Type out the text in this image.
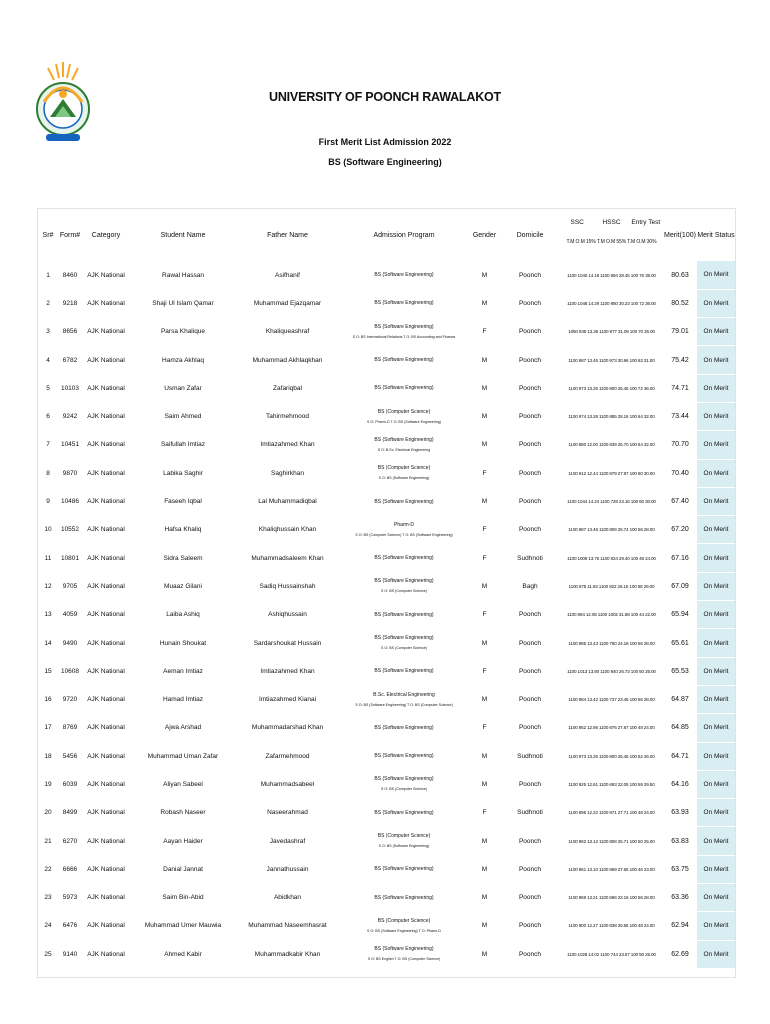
UNIVERSITY OF POONCH RAWALAKOT
First Merit List Admission 2022
BS (Software Engineering)
Sr#	Form#	Category	Student Name	Father Name	Admission Program	Gender	Domicile	SSC HSSC Entry Test
T.M O.M 15% T.M O.M 55% T.M O.M 30%	Merit(100)	Merit Status
1	8460	AJK National	Rawal Hassan	Asifhanif	BS (Software Engineering)	M	Poonch	1100 1040 14.18 1100 894 28.45 100 76 38.00	80.63	On Merit
2	9218	AJK National	Shaji Ul Islam Qamar	Muhammad Ejazqamar	BS (Software Engineering)	M	Poonch	1100 1048 14.29 1100 950 30.23 100 72 36.00	80.52	On Merit
3	8656	AJK National	Parsa Khalique	Khaliqueashraf	BS (Software Engineering)
S O: BS International Relations T O: BS Accounting and Finance	F	Poonch	1050 935 13.36 1100 977 31.09 100 70 35.00	79.01	On Merit
4	6782	AJK National	Hamza Akhlaq	Muhammad Akhlaqkhan	BS (Software Engineering)	M	Poonch	1100 987 13.46 1100 973 30.96 100 62 31.00	75.42	On Merit
5	10103	AJK National	Usman Zafar	Zafariqbal	BS (Software Engineering)	M	Poonch	1100 973 13.25 1100 800 25.45 100 72 36.00	74.71	On Merit
6	9242	AJK National	Saim Ahmed	Tahirmehmood	BS (Computer Science)
S O: Pharm-D T O: BS (Software Engineering)	M	Poonch	1100 974 13.28 1100 885 28.16 100 64 32.00	73.44	On Merit
7	10451	AJK National	Saifullah Imtiaz	Imtiazahmed Khan	BS (Software Engineering)
S O: B.Sc. Electrical Engineering	M	Poonch	1100 880 12.00 1100 839 26.70 100 64 32.00	70.70	On Merit
8	9870	AJK National	Labika Saghir	Saghirkhan	BS (Computer Science)
S O: BS (Software Engineering)	F	Poonch	1100 912 12.44 1100 879 27.97 100 60 30.00	70.40	On Merit
9	10486	AJK National	Faseeh Iqbal	Lal Muhammadiqbal	BS (Software Engineering)	M	Poonch	1100 1044 14.24 1100 728 23.16 100 60 30.00	67.40	On Merit
10	10552	AJK National	Hafsa Khaliq	Khaliqhussain Khan	Pharm-D
S O: BS (Computer Science) T O: BS (Software Engineering)	F	Poonch	1100 987 13.46 1100 809 25.74 100 56 28.00	67.20	On Merit
11	10801	AJK National	Sidra Saleem	Muhammadsaleem Khan	BS (Software Engineering)	F	Sudhnoti	1100 1009 13.76 1100 924 29.40 100 48 24.00	67.16	On Merit
12	9705	AJK National	Muaaz Gilani	Sadiq Hussainshah	BS (Software Engineering)
S O: BS (Computer Science)	M	Bagh	1100 875 11.93 1100 822 26.15 100 58 29.00	67.09	On Merit
13	4059	AJK National	Laiba Ashiq	Ashiqhussain	BS (Software Engineering)	F	Poonch	1100 884 12.05 1100 1002 31.88 100 44 22.00	65.94	On Merit
14	9490	AJK National	Hunain Shoukat	Sardarshoukat Hussain	BS (Software Engineering)
S O: BS (Computer Science)	M	Poonch	1100 985 13.43 1100 760 24.18 100 56 28.00	65.61	On Merit
15	10608	AJK National	Aeman Imtiaz	Imtiazahmed Khan	BS (Software Engineering)	F	Poonch	1100 1013 13.80 1100 840 26.73 100 50 25.00	65.53	On Merit
16	9720	AJK National	Hamad Imtiaz	Imtiazahmed Kianai	B.Sc. Electrical Engineering
S O: BS (Software Engineering) T O: BS (Computer Science)	M	Poonch	1100 984 13.42 1100 737 23.45 100 56 28.00	64.87	On Merit
17	8769	AJK National	Ajwa Arshad	Muhammadarshad Khan	BS (Software Engineering)	F	Poonch	1100 952 12.98 1100 876 27.87 100 48 24.00	64.85	On Merit
18	5456	AJK National	Muhammad Uman Zafar	Zafarmehmood	BS (Software Engineering)	M	Sudhnoti	1100 973 13.25 1100 800 25.45 100 52 26.00	64.71	On Merit
19	6039	AJK National	Aliyan Sabeel	Muhammadsabeel	BS (Software Engineering)
S O: BS (Computer Science)	M	Poonch	1100 925 12.61 1100 693 22.05 100 59 29.50	64.16	On Merit
20	8499	AJK National	Robash Naseer	Naseerahmad	BS (Software Engineering)	F	Sudhnoti	1100 896 12.22 1100 871 27.71 100 48 24.00	63.93	On Merit
21	6270	AJK National	Aayan Haider	Javedashraf	BS (Computer Science)
S O: BS (Software Engineering)	M	Poonch	1100 962 13.12 1100 808 25.71 100 50 25.00	63.83	On Merit
22	6666	AJK National	Danial Jannat	Jannathussain	BS (Software Engineering)	M	Poonch	1100 961 13.10 1100 869 27.65 100 46 23.00	63.75	On Merit
23	5973	AJK National	Saim Bin-Abid	Abidkhan	BS (Software Engineering)	M	Poonch	1100 969 13.21 1100 696 22.15 100 56 28.00	63.36	On Merit
24	6476	AJK National	Muhammad Umer Mauwia	Muhammad Naseemhasrat	BS (Computer Science)
S O: BS (Software Engineering) T O: Pharm-D	M	Poonch	1100 900 12.27 1100 838 26.66 100 48 24.00	62.94	On Merit
25	9140	AJK National	Ahmed Kabir	Muhammadkabir Khan	BS (Software Engineering)
S O: BS English T O: BS (Computer Science)	M	Poonch	1100 1028 14.02 1100 744 23.67 100 50 25.00	62.69	On Merit
